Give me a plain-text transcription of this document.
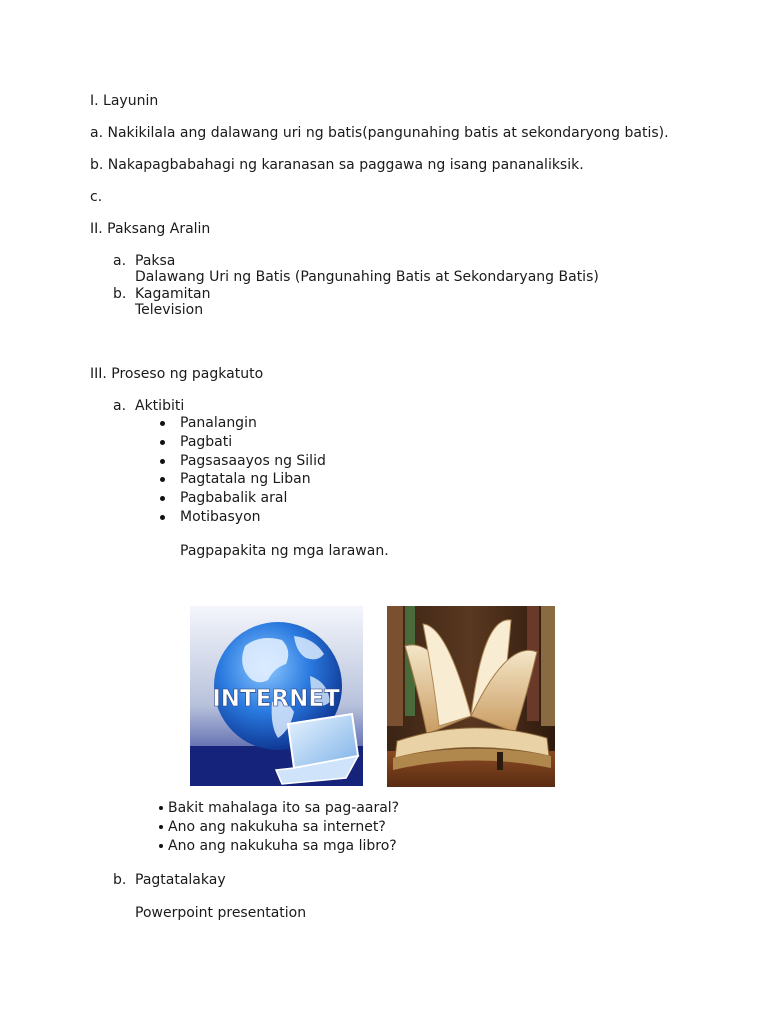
I. Layunin
a. Nakikilala ang dalawang uri ng batis(pangunahing batis at sekondaryong batis).
b. Nakapagbabahagi ng karanasan sa paggawa ng isang pananaliksik.
c.
II. Paksang Aralin
a. Paksa
Dalawang Uri ng Batis (Pangunahing Batis at Sekondaryang Batis)
b. Kagamitan
Television
III. Proseso ng pagkatuto
a. Aktibiti
Panalangin
Pagbati
Pagsasaayos ng Silid
Pagtatala ng Liban
Pagbabalik aral
Motibasyon
Pagpapakita ng mga larawan.
INTERNET
Bakit mahalaga ito sa pag-aaral?
Ano ang nakukuha sa internet?
Ano ang nakukuha sa mga libro?
b. Pagtatalakay
Powerpoint presentation
